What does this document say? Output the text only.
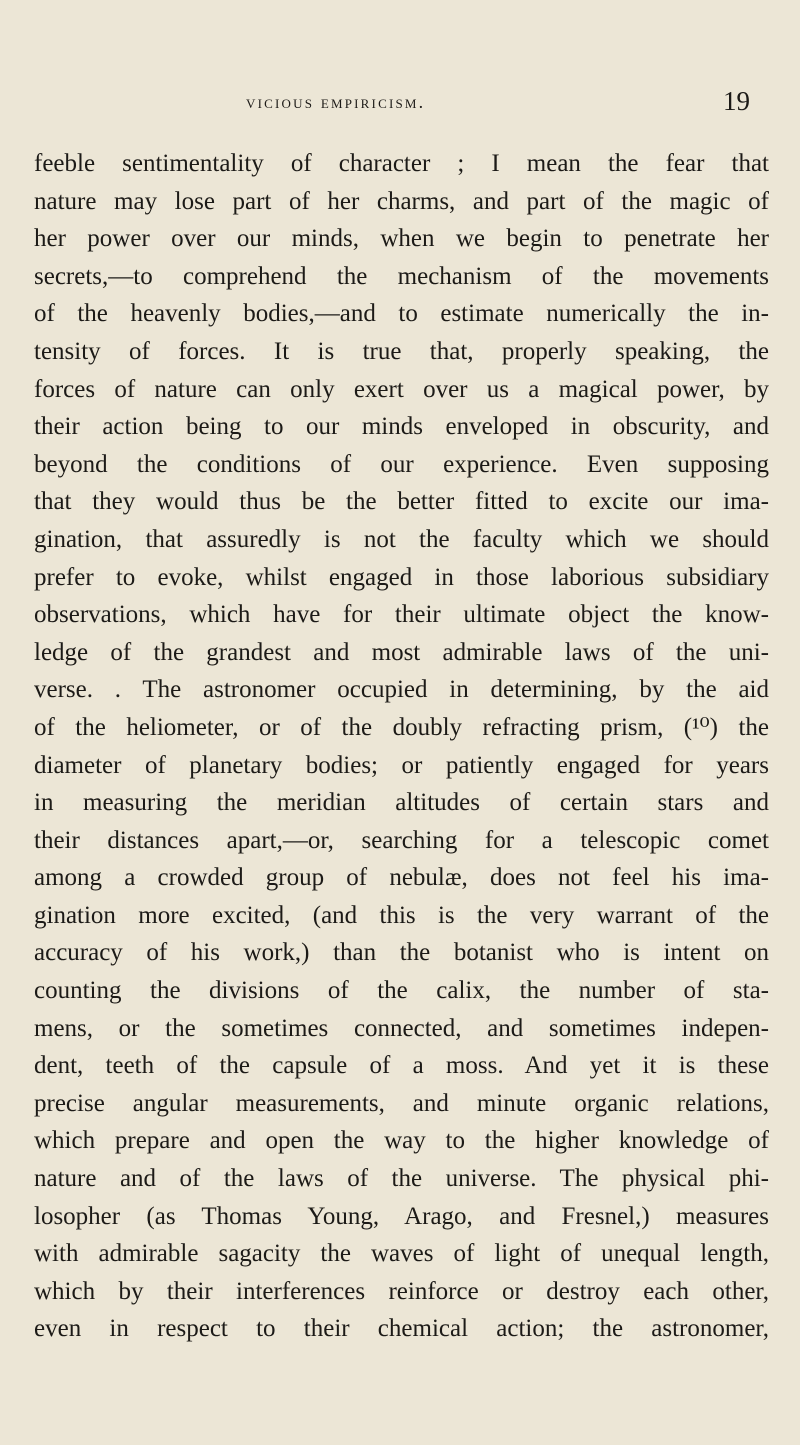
vicious empiricism.	19
feeble sentimentality of character ; I mean the fear that
nature may lose part of her charms, and part of the magic of
her power over our minds, when we begin to penetrate her
secrets,—to comprehend the mechanism of the movements
of the heavenly bodies,—and to estimate numerically the in-
tensity of forces. It is true that, properly speaking, the
forces of nature can only exert over us a magical power, by
their action being to our minds enveloped in obscurity, and
beyond the conditions of our experience. Even supposing
that they would thus be the better fitted to excite our ima-
gination, that assuredly is not the faculty which we should
prefer to evoke, whilst engaged in those laborious subsidiary
observations, which have for their ultimate object the know-
ledge of the grandest and most admirable laws of the uni-
verse. . The astronomer occupied in determining, by the aid
of the heliometer, or of the doubly refracting prism, (¹⁰) the
diameter of planetary bodies; or patiently engaged for years
in measuring the meridian altitudes of certain stars and
their distances apart,—or, searching for a telescopic comet
among a crowded group of nebulæ, does not feel his ima-
gination more excited, (and this is the very warrant of the
accuracy of his work,) than the botanist who is intent on
counting the divisions of the calix, the number of sta-
mens, or the sometimes connected, and sometimes indepen-
dent, teeth of the capsule of a moss. And yet it is these
precise angular measurements, and minute organic relations,
which prepare and open the way to the higher knowledge of
nature and of the laws of the universe. The physical phi-
losopher (as Thomas Young, Arago, and Fresnel,) measures
with admirable sagacity the waves of light of unequal length,
which by their interferences reinforce or destroy each other,
even in respect to their chemical action; the astronomer,
